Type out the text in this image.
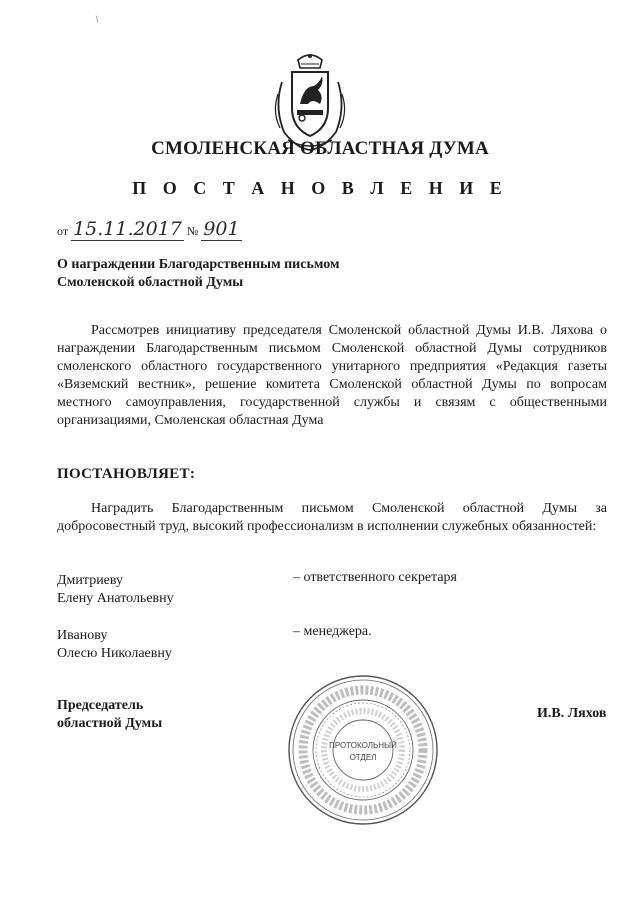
/
СМОЛЕНСКАЯ ОБЛАСТНАЯ ДУМА
П О С Т А Н О В Л Е Н И Е
от 15.11.2017 № 901
О награждении Благодарственным письмом
Смоленской областной Думы

Рассмотрев инициативу председателя Смоленской областной Думы И.В. Ляхова о награждении Благодарственным письмом Смоленской областной Думы сотрудников смоленского областного государственного унитарного предприятия «Редакция газеты «Вяземский вестник», решение комитета Смоленской областной Думы по вопросам местного самоуправления, государственной службы и связям с общественными организациями, Смоленская областная Дума

ПОСТАНОВЛЯЕТ:

Наградить Благодарственным письмом Смоленской областной Думы за добросовестный труд, высокий профессионализм в исполнении служебных обязанностей:

Дмитриеву
Елену Анатольевну
– ответственного секретаря
Иванову
Олесю Николаевну
– менеджера.
Председатель
областной Думы
ПРОТОКОЛЬНЫЙ
ОТДЕЛ
И.В. Ляхов
